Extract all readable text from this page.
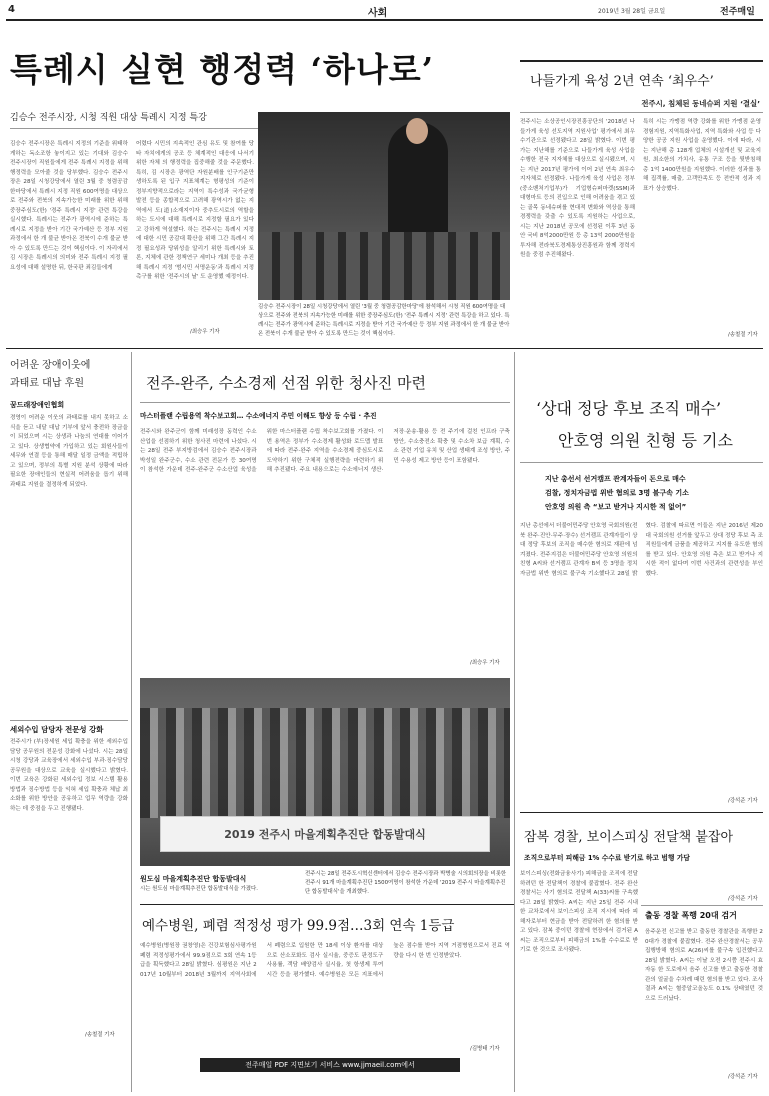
4	사회	2019년 3월 28일 금요일	전주매일
특례시 실현 행정력 ‘하나로’
김승수 전주시장, 시청 직원 대상 특례시 지정 특강
김승수 전주시장은 특례시 지정의 기준을 위태하게하는 독소조항 놓이지고 있는 기대와 김승수 전주시장이 직원들에게 전주 특례시 지정을 위해 행정력을 모아줄 것을 당부했다. 김승수 전주시장은 28일 시청강당에서 열린 3월 중 청렴공감한마당에서 특례시 지정 직원 600여명을 대상으로 전주와 전북의 지속가능한 미래를 위한 위해 중장주심도(한) '경주 특례시 지정' 관련 특강을 실시했다. 특례시는 전주가 광역시에 준하는 특례시로 지정을 받아 기간 국가예산 등 정부 지원 과정에서 한 개 불균 받아온 전북이 수개 불균 받아 수 있도록 만드는 것이 핵심이다. 이 자리에서 김 시장은 특례시의 의미와 전주 특례시 지정 필요성에 대해 설명한 뒤, 한국판 죄김들에게
어렸다 시민의 지속적인 관심 유도 및 참여를 당 타 자치에게의 공조 등 체계적인 대응에 나서기 위한 자체 의 행정력을 집중해줄 것을 주문했다. 특히, 김 시장은 광역단 자원분배를 인구기준만 생하도록 된 입구 지표체계는 형평성의 기준이 정부지향적으로라는 지역이 특수성과 국가균형발전 등을 종합적으로 고려해 광역시가 없는 지역에서 도(道)소재지이자 중추도시로의 역할을 하는 도시에 대해 특례시로 지정할 필요가 있다고 강하게 역설했다. 하는 전주시는 특례시 지정에 대한 시민 공감대 확산을 위해 그간 특례시 지정 필요성과 당위성을 알리기 위한 특례시와 토론, 지체에 관한 정책연구 세미나 개최 등을 추진해 특례시 지정 '범시민 서명운동'과 특례시 지정 촉구를 위한 '전주시의 날' 도 운영했 예정이다.
/최승우 기자
김승수 전주시장이 28일 시청강당에서 열린 '3월 중 청렴공감한마당'에 참석해서 시청 직원 600여명을 대상으로 전주와 전북의 지속가능한 미래를 위한 중장주심도(한) '전주 특례시 지정' 관련 특강을 하고 있다. 특례시는 전주가 광역시에 준하는 특례시로 지정을 받아 기간 국가예산 등 정부 지원 과정에서 한 개 불균 받아온 전북이 수개 불균 받아 수 있도록 만드는 것이 핵심이다.
나들가게 육성 2년 연속 ‘최우수’
전주시, 침체된 동네슈퍼 지원 ‘결실’
전주시는 소상공인시장진흥공단의 '2018년 나들가게 육성 선도지역 지원사업' 평가에서 최우수기관으로 선정됐다고 28일 밝혔다. 이번 평가는 지난해를 기준으로 나들가게 육성 사업을 수행한 전국 지자체를 대상으로 실시됐으며, 시는 지난 2017년 평가에 이어 2년 연속 최우수 지자체로 선정됐다. 나들가게 육성 사업은 정부(중소벤처기업부)가 기업형슈퍼마켓(SSM)과 대형마트 등의 진입으로 인해 어려움을 겪고 있는 골목 동네슈퍼를 현대적 변화와 역상을 통해 경쟁력을 갖출 수 있도록 지원하는 사업으로, 시는 지난 2018년 공모에 선정된 이후 3년 동안 국비 8억2000만원 등 총 13억 2000만원을 투자해 전라북도경제통상진흥원과 함께 경력지원을 중점 추진해왔다.
특히 시는 가맹점 역량 강화를 위한 가맹점 운영 경험지원, 지역특화사업, 지역 특화와 사업 등 다양한 공공 지원 사업을 운영했다. 이에 따라, 시는 지난해 총 128개 업체의 시설개선 및 교육지원, 최소한의 가치사, 유통 구조 등을 뒷받침해 총 1억 1400만원을 지원했다. 이러한 성과를 통해 집객률, 매출, 고객만족도 등 전반적 성과 지표가 상승했다.
/송철절 기자
어려운 장애이웃에
과태료 대납 후원
꿈드래장애인협회
경영이 어려운 이웃의 과태료를 내지 못하고 소식을 듣고 내달 대납 기부에 앞서 충전하 장금을 이 되었으며 시는 상생과 나눔의 연대를 이어가고 있다. 상생협약에 가입하고 있는 회원사들이 세무와 연결 등을 통해 매달 일정 금액을 적립하고 있으며, 정부의 특별 지원 분석 상황에 따라 필요한 장애인들의 현실적 어려움을 돕기 위해 과태료 지원을 결정하게 되었다.
세외수입 담당자 전문성 강화
전주시가 (부)장세원 세입 확충을 위한 세외수입 담당 공무원의 전문성 강화에 나섰다. 시는 28일 시청 강당과 교육장에서 세외수입 부과·징수담당 공무원을 대상으로 교육을 실시했다고 밝혔다. 이번 교육은 강화된 세외수입 정보 시스템 활용방법과 징수방법 등을 익혀 세입 확충과 체납 최소화를 위한 방안을 공유하고 업무 역량을 강화하는 데 중점을 두고 진행됐다.
/송철절 기자
전주-완주, 수소경제 선점 위한 청사진 마련
마스터플랜 수립용역 착수보고회… 수소에너지 주민 이해도 향상 등 수립 · 추진
전주시와 완주군이 함께 미래성장 동력인 수소산업을 선점하기 위한 청사진 마련에 나섰다. 시는 28일 전주 부지방검에서 김승수 전주시장과 박성일 완주군수, 수소 관련 전문가 등 30여명이 참석한 가운데 전주-완주군 수소산업 육성을 위한 마스터플랜 수립 착수보고회를 가졌다. 이번 용역은 정부가 수소경제 활성화 로드맵 발표에 따라 전주·완주 지역을 수소경제 중심도시로 도약하기 위한 구체적 실행전략을 마련하기 위해 추진됐다. 주요 내용으로는 수소에너지 생산·저장·운송·활용 등 전 주기에 걸친 인프라 구축 방안, 수소충전소 확충 및 수소차 보급 계획, 수소 관련 기업 유치 및 산업 생태계 조성 방안, 주민 수용성 제고 방안 등이 포함됐다.
/최승우 기자
2019 전주시 마을계획추진단 합동발대식
원도심 마을계획추진단 합동발대식
시는 원도심 마을계획추진단 합동발대식을 가졌다.
전주시는 28일 전주도시혁신센터에서 김승수 전주시장과 박병술 시의회의장을 비롯한 전주시 91개 마을계획추진단 1500여명이 참석한 가운데 '2019 전주시 마을계획추진단 합동발대식'을 개최했다.
‘상대 정당 후보 조직 매수’
안호영 의원 친형 등 기소
지난 총선서 선거캠프 관계자들이 돈으로 매수
검찰, 정치자금법 위반 혐의로 3명 불구속 기소
안호영 의원 측 “보고 받거나 지시한 적 없어”
지난 총선에서 더불어민주당 안호영 국회의원(전북 완주·진안·무주·장수) 선거캠프 관계자들이 상대 정당 후보의 조직을 매수한 혐의로 재판에 넘겨졌다. 전주지검은 더불어민주당 안호영 의원의 친형 A씨와 선거캠프 관계자 B씨 등 3명을 정치자금법 위반 혐의로 불구속 기소했다고 28일 밝혔다. 검찰에 따르면 이들은 지난 2016년 제20대 국회의원 선거를 앞두고 상대 정당 후보 측 조직원들에게 금품을 제공하고 지지를 유도한 혐의를 받고 있다. 안호영 의원 측은 보고 받거나 지시한 적이 없다며 이번 사건과의 관련성을 부인했다.
/강석준 기자
잠복 경찰, 보이스피싱 전달책 붙잡아
조직으로부터 피해금 1% 수수료 받기로 하고 범행 가담
보이스피싱(전화금융사기) 피해금을 조직에 전달하려던 한 전달책이 경찰에 붙잡혔다. 전주 완산경찰서는 사기 혐의로 전달책 A(33)씨를 구속했다고 28일 밝혔다. A씨는 지난 25일 전주 시내 한 교차로에서 보이스피싱 조직 지시에 따라 피해자로부터 현금을 받아 전달하려 한 혐의를 받고 있다. 잠복 중이던 경찰에 현장에서 검거된 A씨는 조직으로부터 피해금의 1%를 수수료로 받기로 한 것으로 조사됐다.
/강석준 기자
출동 경찰 폭행 20대 검거
음주운전 신고를 받고 출동한 경찰관을 폭행한 20대가 경찰에 붙잡혔다. 전주 완산경찰서는 공무집행방해 혐의로 A(26)씨를 불구속 입건했다고 28일 밝혔다. A씨는 이날 오전 2시쯤 전주시 효자동 한 도로에서 음주 신고를 받고 출동한 경찰관의 얼굴을 수차례 때린 혐의를 받고 있다. 조사 결과 A씨는 혈중알코올농도 0.1% 상태였던 것으로 드러났다.
/강석준 기자
예수병원, 폐렴 적정성 평가 99.9점…3회 연속 1등급
예수병원(병원장 권창영)은 건강보험심사평가원 폐렴 적정성평가에서 99.9점으로 3회 연속 1등급을 획득했다고 28일 밝혔다. 심평원은 지난 2017년 10월부터 2018년 3월까지 지역사회에서 폐렴으로 입원한 만 18세 이상 환자를 대상으로 산소포화도 검사 실시율, 중증도 판정도구 사용률, 객담 배양검사 실시율, 첫 항생제 투여시간 등을 평가했다. 예수병원은 모든 지표에서 높은 점수를 받아 지역 거점병원으로서 진료 역량을 다시 한 번 인정받았다.
/김병태 기자
전주매일 PDF 지면보기 서비스 www.jjmaeil.com에서
